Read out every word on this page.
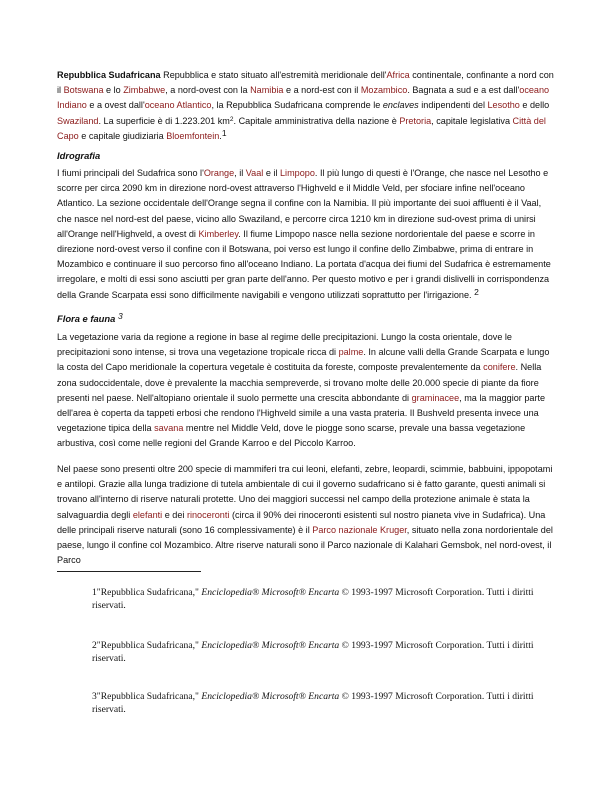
Repubblica Sudafricana Repubblica e stato situato all'estremità meridionale dell'Africa continentale, confinante a nord con il Botswana e lo Zimbabwe, a nord-ovest con la Namibia e a nord-est con il Mozambico. Bagnata a sud e a est dall'oceano Indiano e a ovest dall'oceano Atlantico, la Repubblica Sudafricana comprende le enclaves indipendenti del Lesotho e dello Swaziland. La superficie è di 1.223.201 $km^2$. Capitale amministrativa della nazione è Pretoria, capitale legislativa Città del Capo e capitale giudiziaria Bloemfontein.1

Idrografia

I fiumi principali del Sudafrica sono l'Orange, il Vaal e il Limpopo. Il più lungo di questi è l'Orange, che nasce nel Lesotho e scorre per circa 2090 km in direzione nord-ovest attraverso l'Highveld e il Middle Veld, per sfociare infine nell'oceano Atlantico. La sezione occidentale dell'Orange segna il confine con la Namibia. Il più importante dei suoi affluenti è il Vaal, che nasce nel nord-est del paese, vicino allo Swaziland, e percorre circa 1210 km in direzione sud-ovest prima di unirsi all'Orange nell'Highveld, a ovest di Kimberley. Il fiume Limpopo nasce nella sezione nordorientale del paese e scorre in direzione nord-ovest verso il confine con il Botswana, poi verso est lungo il confine dello Zimbabwe, prima di entrare in Mozambico e continuare il suo percorso fino all'oceano Indiano. La portata d'acqua dei fiumi del Sudafrica è estremamente irregolare, e molti di essi sono asciutti per gran parte dell'anno. Per questo motivo e per i grandi dislivelli in corrispondenza della Grande Scarpata essi sono difficilmente navigabili e vengono utilizzati soprattutto per l'irrigazione. 2

Flora e fauna 3

La vegetazione varia da regione a regione in base al regime delle precipitazioni. Lungo la costa orientale, dove le precipitazioni sono intense, si trova una vegetazione tropicale ricca di palme. In alcune valli della Grande Scarpata e lungo la costa del Capo meridionale la copertura vegetale è costituita da foreste, composte prevalentemente da conifere. Nella zona sudoccidentale, dove è prevalente la macchia sempreverde, si trovano molte delle 20.000 specie di piante da fiore presenti nel paese. Nell'altopiano orientale il suolo permette una crescita abbondante di graminacee, ma la maggior parte dell'area è coperta da tappeti erbosi che rendono l'Highveld simile a una vasta prateria. Il Bushveld presenta invece una vegetazione tipica della savana mentre nel Middle Veld, dove le piogge sono scarse, prevale una bassa vegetazione arbustiva, così come nelle regioni del Grande Karroo e del Piccolo Karroo.

Nel paese sono presenti oltre 200 specie di mammiferi tra cui leoni, elefanti, zebre, leopardi, scimmie, babbuini, ippopotami e antilopi. Grazie alla lunga tradizione di tutela ambientale di cui il governo sudafricano si è fatto garante, questi animali si trovano all'interno di riserve naturali protette. Uno dei maggiori successi nel campo della protezione animale è stata la salvaguardia degli elefanti e dei rinoceronti (circa il 90% dei rinoceronti esistenti sul nostro pianeta vive in Sudafrica). Una delle principali riserve naturali (sono 16 complessivamente) è il Parco nazionale Kruger, situato nella zona nordorientale del paese, lungo il confine col Mozambico. Altre riserve naturali sono il Parco nazionale di Kalahari Gemsbok, nel nord-ovest, il Parco

1"Repubblica Sudafricana," Enciclopedia® Microsoft® Encarta © 1993-1997 Microsoft Corporation. Tutti i diritti riservati.

2"Repubblica Sudafricana," Enciclopedia® Microsoft® Encarta © 1993-1997 Microsoft Corporation. Tutti i diritti riservati.

3"Repubblica Sudafricana," Enciclopedia® Microsoft® Encarta © 1993-1997 Microsoft Corporation. Tutti i diritti riservati.
